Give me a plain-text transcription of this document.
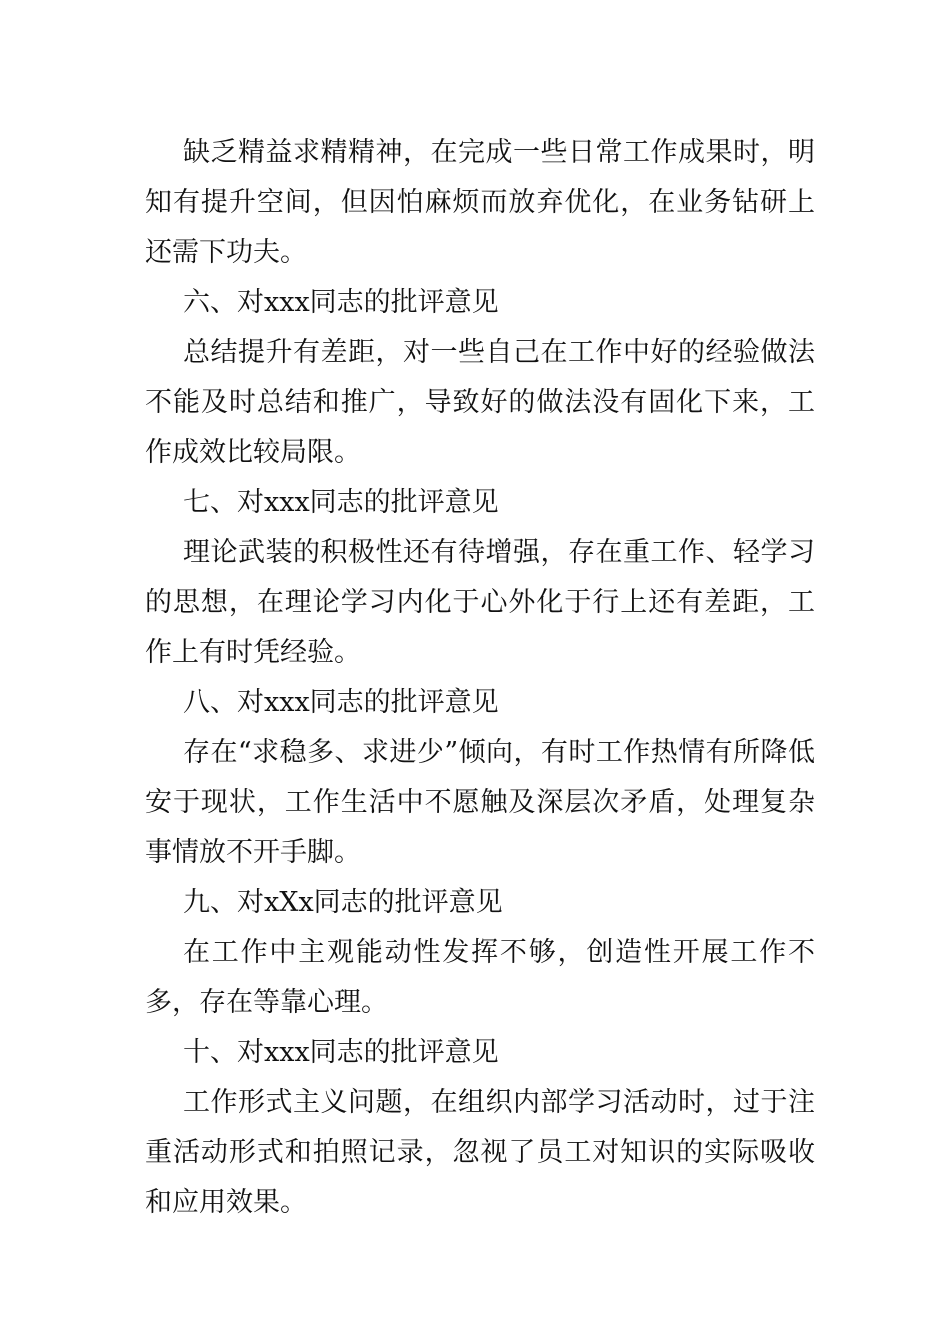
缺乏精益求精精神，在完成一些日常工作成果时，明知有提升空间，但因怕麻烦而放弃优化，在业务钻研上还需下功夫。

六、对xxx同志的批评意见

总结提升有差距，对一些自己在工作中好的经验做法不能及时总结和推广，导致好的做法没有固化下来，工作成效比较局限。

七、对xxx同志的批评意见

理论武装的积极性还有待增强，存在重工作、轻学习的思想，在理论学习内化于心外化于行上还有差距，工作上有时凭经验。

八、对xxx同志的批评意见

存在“求稳多、求进少”倾向，有时工作热情有所降低 安于现状，工作生活中不愿触及深层次矛盾，处理复杂事情放不开手脚。

九、对xXx同志的批评意见

在工作中主观能动性发挥不够，创造性开展工作不多，存在等靠心理。

十、对xxx同志的批评意见

工作形式主义问题，在组织内部学习活动时，过于注重活动形式和拍照记录，忽视了员工对知识的实际吸收和应用效果。
